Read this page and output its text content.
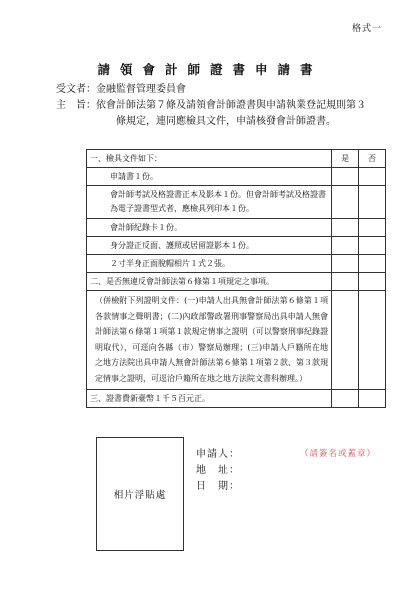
格式一
請領會計師證書申請書
受文者：金融監督管理委員會
主　旨：依會計師法第７條及請領會計師證書與申請執業登記規則第３
條規定，連同應檢具文件，申請核發會計師證書。
一、檢具文件如下：	是	否
申請書１份。		
會計師考試及格證書正本及影本１份。但會計師考試及格證書為電子證書型式者，應檢具列印本１份。		
會計師紀錄卡１份。		
身分證正反面、護照或居留證影本１份。		
２寸半身正面脫帽相片１式２張。		
二、是否無違反會計師法第６條第１項規定之事項。		
（併檢附下列證明文件：(一)申請人出具無會計師法第６條第１項各款情事之聲明書；(二)內政部警政署刑事警察局出具申請人無會計師法第６條第１項第１款規定情事之證明（可以警察刑事紀錄證明取代），可逕向各縣（市）警察局辦理；(三)申請人戶籍所在地之地方法院出具申請人無會計師法第６條第１項第２款、第３款規定情事之證明，可逕洽戶籍所在地之地方法院文書科辦理。）		
三、證書費新臺幣１千５百元正。		
相片浮貼處
申請人：
地　址：
日　期：
（請簽名或蓋章）
